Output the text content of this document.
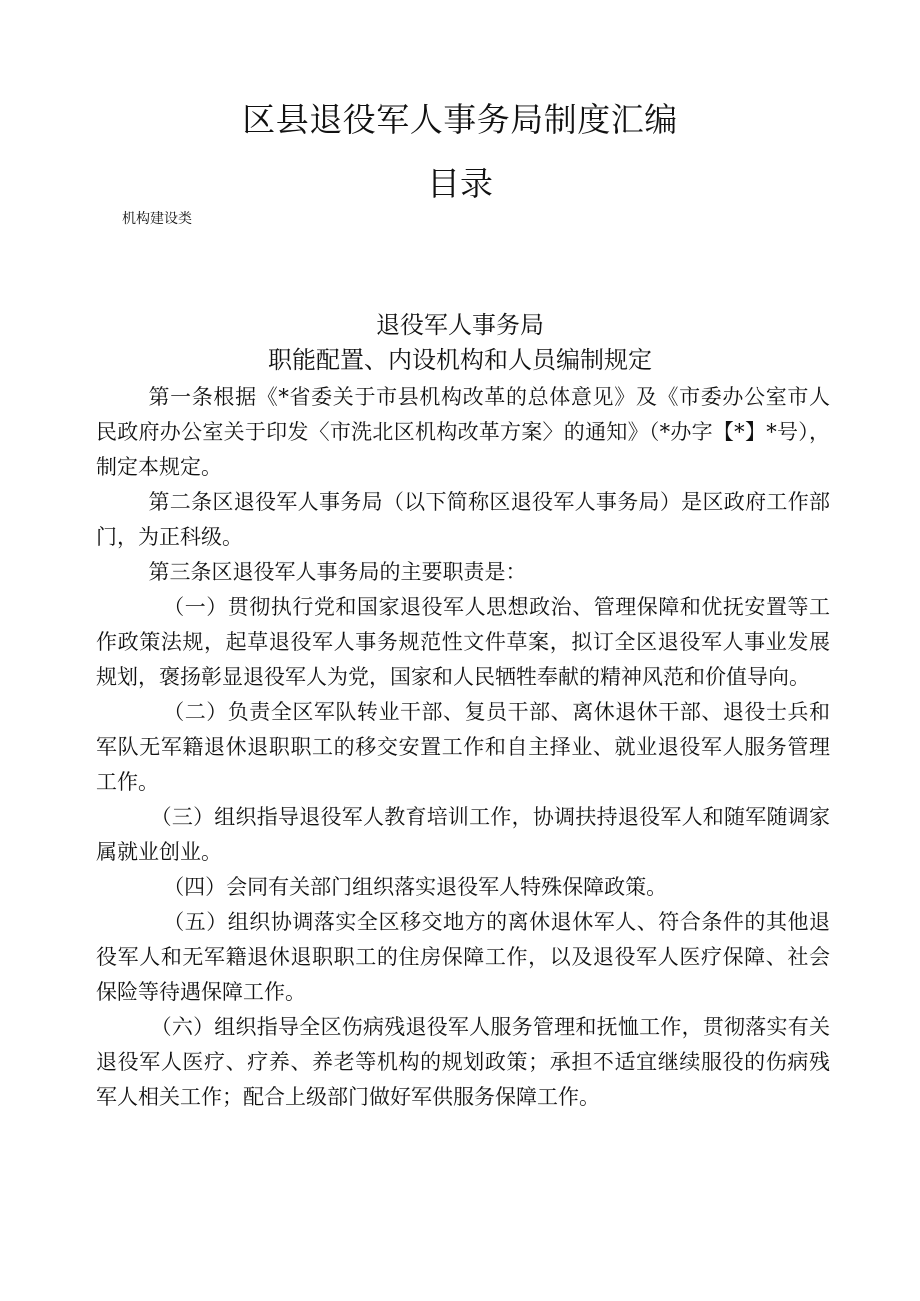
区县退役军人事务局制度汇编
目录
机构建设类
退役军人事务局
职能配置、内设机构和人员编制规定

第一条根据《*省委关于市县机构改革的总体意见》及《市委办公室市人民政府办公室关于印发〈市洗北区机构改革方案〉的通知》（*办字【*】*号），制定本规定。

第二条区退役军人事务局（以下简称区退役军人事务局）是区政府工作部门，为正科级。

第三条区退役军人事务局的主要职责是：

（一）贯彻执行党和国家退役军人思想政治、管理保障和优抚安置等工作政策法规，起草退役军人事务规范性文件草案，拟订全区退役军人事业发展规划，褒扬彰显退役军人为党，国家和人民牺牲奉献的精神风范和价值导向。

（二）负责全区军队转业干部、复员干部、离休退休干部、退役士兵和军队无军籍退休退职职工的移交安置工作和自主择业、就业退役军人服务管理工作。

（三）组织指导退役军人教育培训工作，协调扶持退役军人和随军随调家属就业创业。

（四）会同有关部门组织落实退役军人特殊保障政策。

（五）组织协调落实全区移交地方的离休退休军人、符合条件的其他退役军人和无军籍退休退职职工的住房保障工作，以及退役军人医疗保障、社会保险等待遇保障工作。

（六）组织指导全区伤病残退役军人服务管理和抚恤工作，贯彻落实有关退役军人医疗、疗养、养老等机构的规划政策；承担不适宜继续服役的伤病残军人相关工作；配合上级部门做好军供服务保障工作。
